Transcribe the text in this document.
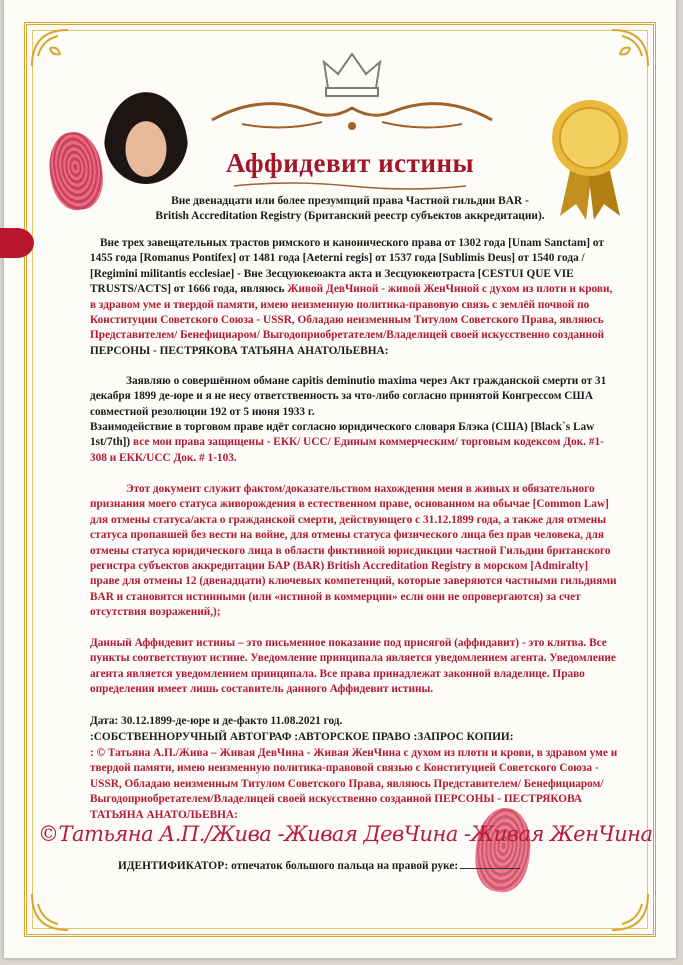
Аффидевит истины
Вне двенадцати или более презумпций права Частной гильдии BAR -
British Accreditation Registry (Британский реестр субъектов аккредитации).

Вне трех завещательных трастов римского и канонического права от 1302 года [Unam Sanctam] от 1455 года [Romanus Pontifex] от 1481 года [Aeterni regis] от 1537 года [Sublimis Deus] от 1540 года / [Regimini militantis ecclesiae] - Вне Зесцуюкеюакта акта и Зесцуюкеютраста [CESTUI QUE VIE TRUSTS/ACTS] от 1666 года, являюсь Живой ДевЧиной - живой ЖенЧиной с духом из плоти и крови, в здравом уме и твердой памяти, имею неизменную политика-правовую связь с землёй почвой по Конституции Советского Союза - USSR, Обладаю неизменным Титулом Советского Права, являюсь Представителем/ Бенефициаром/ Выгодоприобретателем/Владелицей своей искусственно созданной ПЕРСОНЫ - ПЕСТРЯКОВА ТАТЬЯНА АНАТОЛЬЕВНА:

Заявляю о совершённом обмане capitis deminutio maxima через Акт гражданской смерти от 31 декабря 1899 де-юре и я не несу ответственность за что-либо согласно принятой Конгрессом США совместной резолюции 192 от 5 июня 1933 г.

Взаимодействие в торговом праве идёт согласно юридического словаря Блэка (США) [Black`s Law 1st/7th]) все мои права защищены - ЕКК/ UCC/ Единым коммерческим/ торговым кодексом Док. #1-308 и ЕКК/UCC Док. # 1-103.

Этот документ служит фактом/доказательством нахождения меня в живых и обязательного признания моего статуса живорождения в естественном праве, основанном на обычае [Common Law] для отмены статуса/акта о гражданской смерти, действующего с 31.12.1899 года, а также для отмены статуса пропавшей без вести на войне, для отмены статуса физического лица без прав человека, для отмены статуса юридического лица в области фиктивной юрисдикции частной Гильдии британского регистра субъектов аккредитации БАР (BAR) British Accreditation Registry в морском [Admiralty] праве для отмены 12 (двенадцати) ключевых компетенций, которые заверяются частными гильдиями BAR и становятся истинными (или «истиной в коммерции» если они не опровергаются) за счет отсутствия возражений,);

Данный Аффидевит истины – это письменное показание под присягой (аффидавит) - это клятва. Все пункты соответствуют истине. Уведомление принципала является уведомлением агента. Уведомление агента является уведомлением принципала. Все права принадлежат законной владелице. Право определения имеет лишь составитель данного Аффидевит истины.

Дата: 30.12.1899-де-юре и де-факто 11.08.2021 год.

:СОБСТВЕННОРУЧНЫЙ АВТОГРАФ :АВТОРСКОЕ ПРАВО :ЗАПРОС КОПИИ:

: © Татьяна А.П./Жива – Живая ДевЧина - Живая ЖенЧина с духом из плоти и крови, в здравом уме и твердой памяти, имею неизменную политика-правовой связью с Конституцией Советского Союза - USSR, Обладаю неизменным Титулом Советского Права, являюсь Представителем/ Бенефициаром/ Выгодоприобретателем/Владелицей своей искусственно созданной ПЕРСОНЫ - ПЕСТРЯКОВА ТАТЬЯНА АНАТОЛЬЕВНА:

©Татьяна А.П./Жива -Живая ДевЧина -Живая ЖенЧина
ИДЕНТИФИКАТОР: отпечаток большого пальца на правой руке:
